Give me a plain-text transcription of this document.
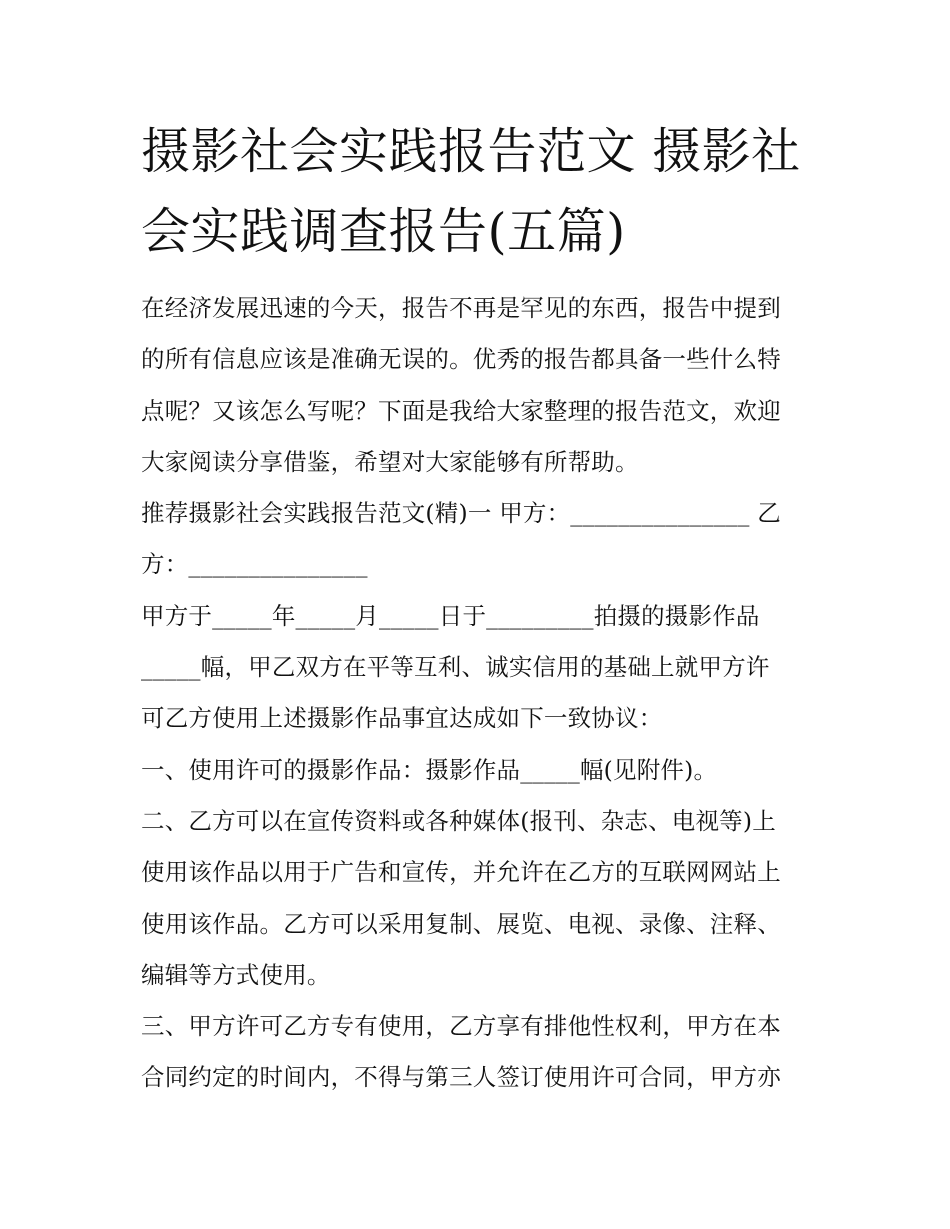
摄影社会实践报告范文 摄影社
会实践调查报告(五篇)

在经济发展迅速的今天，报告不再是罕见的东西，报告中提到
的所有信息应该是准确无误的。优秀的报告都具备一些什么特
点呢？又该怎么写呢？下面是我给大家整理的报告范文，欢迎
大家阅读分享借鉴，希望对大家能够有所帮助。

推荐摄影社会实践报告范文(精)一 甲方：_______________ 乙
方：_______________

甲方于_____年_____月_____日于_________拍摄的摄影作品
_____幅，甲乙双方在平等互利、诚实信用的基础上就甲方许
可乙方使用上述摄影作品事宜达成如下一致协议：

一、使用许可的摄影作品：摄影作品_____幅(见附件)。

二、乙方可以在宣传资料或各种媒体(报刊、杂志、电视等)上
使用该作品以用于广告和宣传，并允许在乙方的互联网网站上
使用该作品。乙方可以采用复制、展览、电视、录像、注释、
编辑等方式使用。

三、甲方许可乙方专有使用，乙方享有排他性权利，甲方在本
合同约定的时间内，不得与第三人签订使用许可合同，甲方亦
